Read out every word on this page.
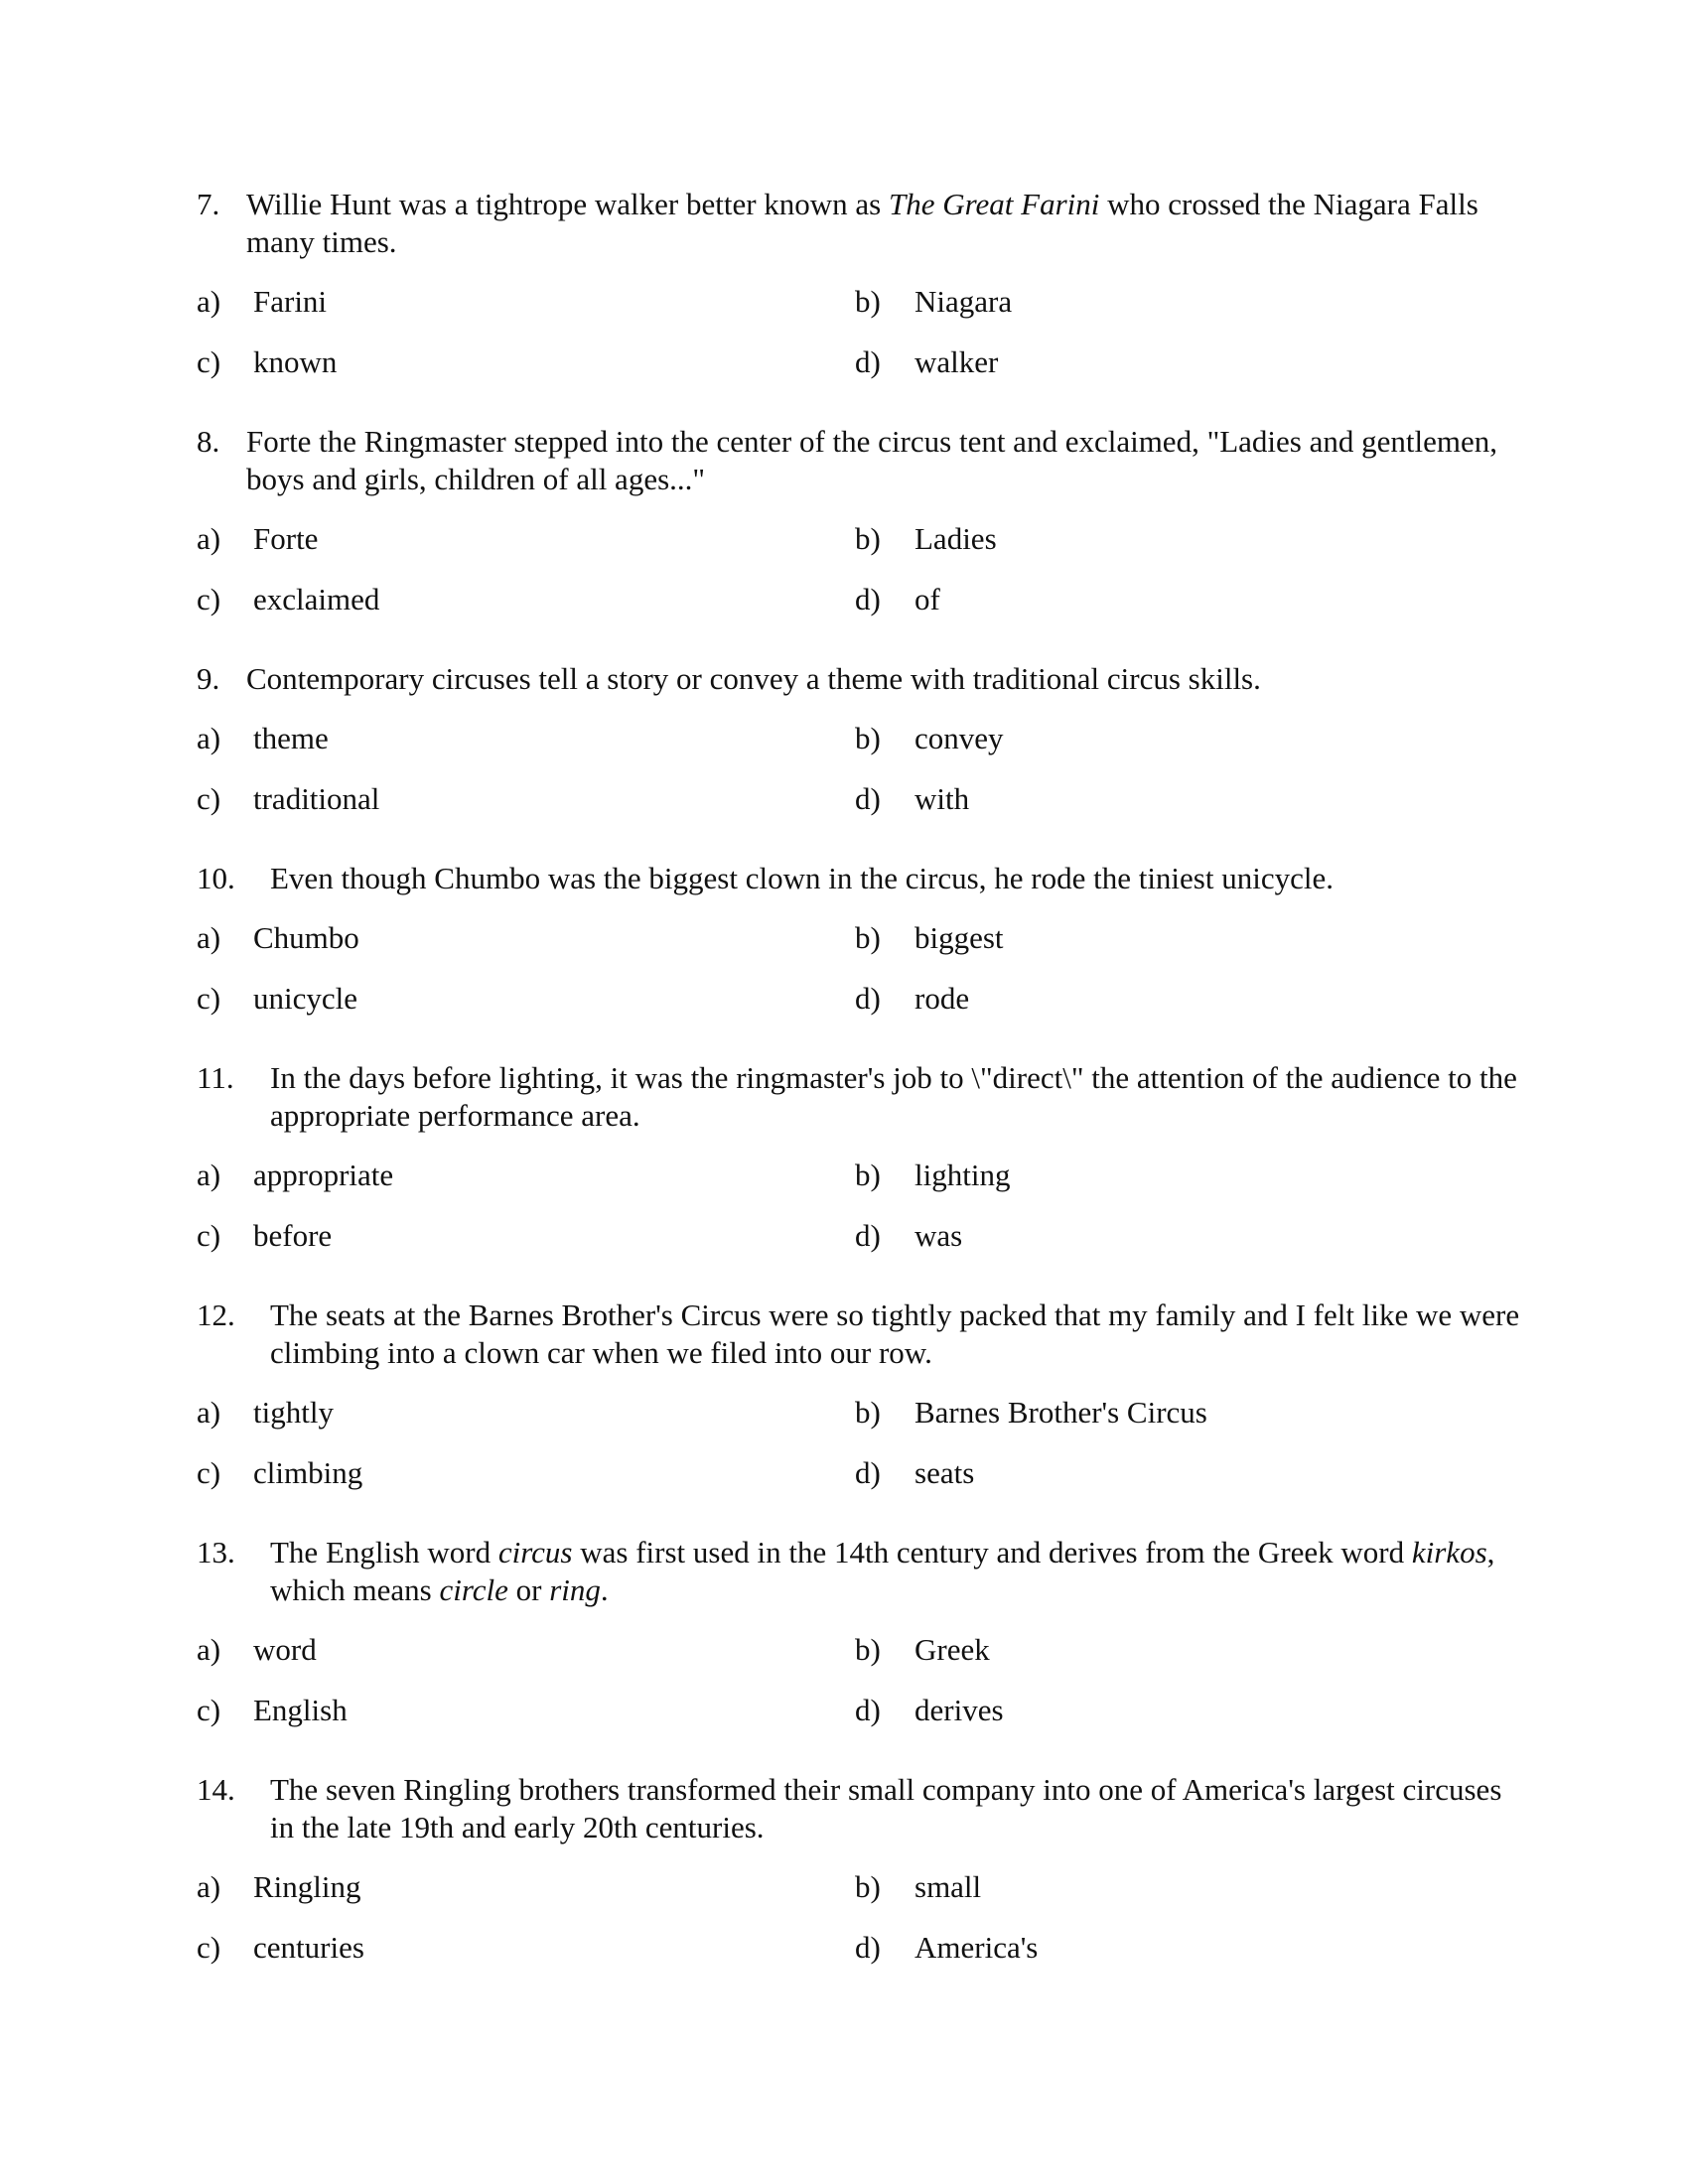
7. Willie Hunt was a tightrope walker better known as The Great Farini who crossed the Niagara Falls many times.
a) Farini	b) Niagara
c) known	d) walker
8. Forte the Ringmaster stepped into the center of the circus tent and exclaimed, "Ladies and gentlemen, boys and girls, children of all ages..."
a) Forte	b) Ladies
c) exclaimed	d) of
9. Contemporary circuses tell a story or convey a theme with traditional circus skills.
a) theme	b) convey
c) traditional	d) with
10. Even though Chumbo was the biggest clown in the circus, he rode the tiniest unicycle.
a) Chumbo	b) biggest
c) unicycle	d) rode
11. In the days before lighting, it was the ringmaster's job to \"direct\" the attention of the audience to the appropriate performance area.
a) appropriate	b) lighting
c) before	d) was
12. The seats at the Barnes Brother's Circus were so tightly packed that my family and I felt like we were climbing into a clown car when we filed into our row.
a) tightly	b) Barnes Brother's Circus
c) climbing	d) seats
13. The English word circus was first used in the 14th century and derives from the Greek word kirkos, which means circle or ring.
a) word	b) Greek
c) English	d) derives
14. The seven Ringling brothers transformed their small company into one of America's largest circuses in the late 19th and early 20th centuries.
a) Ringling	b) small
c) centuries	d) America's
